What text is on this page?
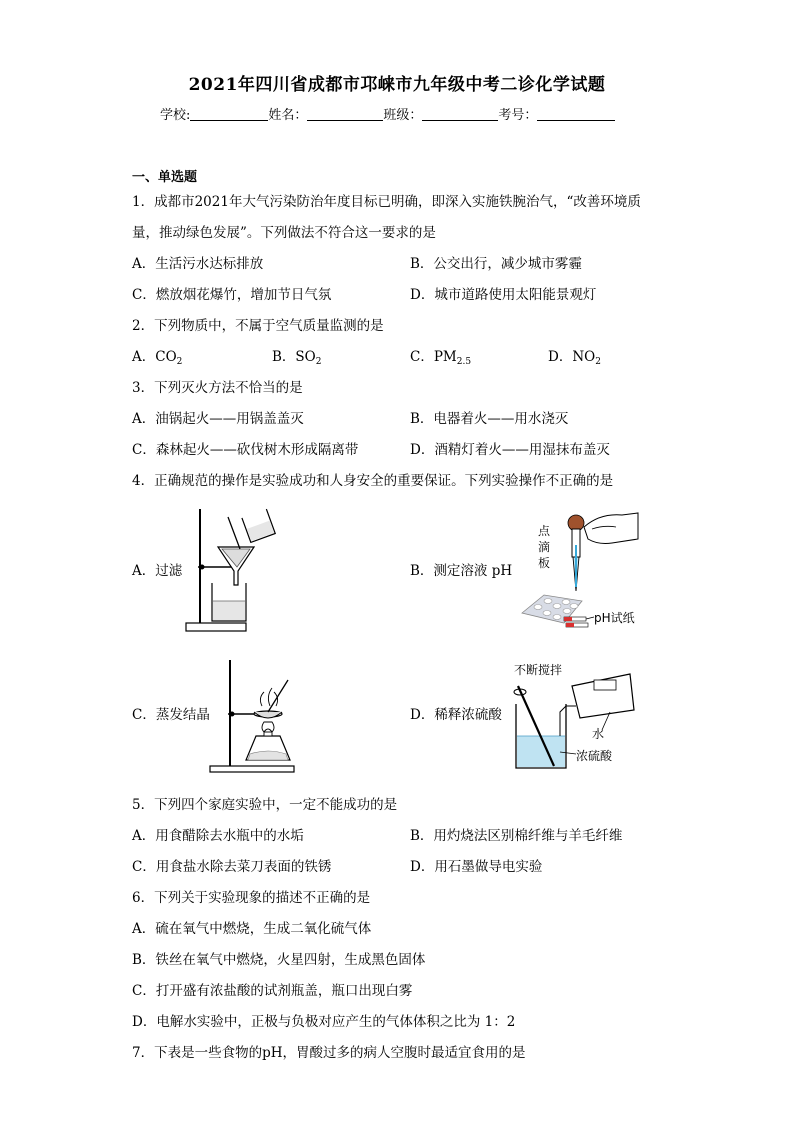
2021年四川省成都市邛崃市九年级中考二诊化学试题
学校:	姓名：	班级：	考号：
一、单选题
1．成都市2021年大气污染防治年度目标已明确，即深入实施铁腕治气，“改善环境质
量，推动绿色发展”。下列做法不符合这一要求的是
A．生活污水达标排放	B．公交出行，减少城市雾霾
C．燃放烟花爆竹，增加节日气氛	D．城市道路使用太阳能景观灯
2．下列物质中，不属于空气质量监测的是
A．$CO_2$	B．$SO_2$	C．$PM_{2.5}$	D．$NO_2$
3．下列灭火方法不恰当的是
A．油锅起火——用锅盖盖灭	B．电器着火——用水浇灭
C．森林起火——砍伐树木形成隔离带	D．酒精灯着火——用湿抹布盖灭
4．正确规范的操作是实验成功和人身安全的重要保证。下列实验操作不正确的是
A．过滤	B．测定溶液 pH
C．蒸发结晶	D．稀释浓硫酸
点
滴
板
pH试纸
不断搅拌
水
浓硫酸
5．下列四个家庭实验中，一定不能成功的是
A．用食醋除去水瓶中的水垢	B．用灼烧法区别棉纤维与羊毛纤维
C．用食盐水除去菜刀表面的铁锈	D．用石墨做导电实验
6．下列关于实验现象的描述不正确的是
A．硫在氧气中燃烧，生成二氧化硫气体
B．铁丝在氧气中燃烧，火星四射，生成黑色固体
C．打开盛有浓盐酸的试剂瓶盖，瓶口出现白雾
D．电解水实验中，正极与负极对应产生的气体体积之比为 1：2
7．下表是一些食物的pH，胃酸过多的病人空腹时最适宜食用的是
